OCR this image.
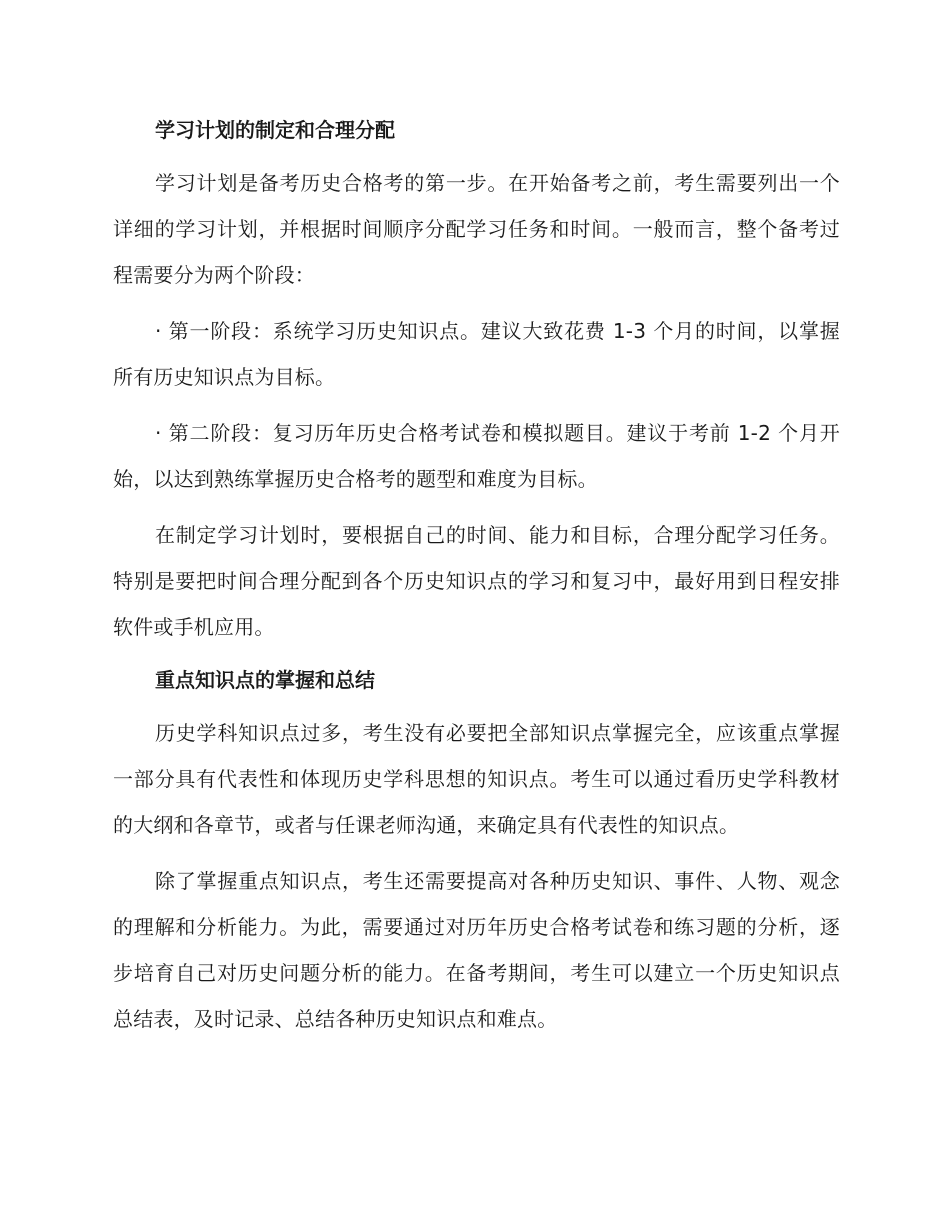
学习计划的制定和合理分配

学习计划是备考历史合格考的第一步。在开始备考之前，考生需要列出一个详细的学习计划，并根据时间顺序分配学习任务和时间。一般而言，整个备考过程需要分为两个阶段：

· 第一阶段：系统学习历史知识点。建议大致花费 1-3 个月的时间，以掌握所有历史知识点为目标。

· 第二阶段：复习历年历史合格考试卷和模拟题目。建议于考前 1-2 个月开始，以达到熟练掌握历史合格考的题型和难度为目标。

在制定学习计划时，要根据自己的时间、能力和目标，合理分配学习任务。特别是要把时间合理分配到各个历史知识点的学习和复习中，最好用到日程安排软件或手机应用。

重点知识点的掌握和总结

历史学科知识点过多，考生没有必要把全部知识点掌握完全，应该重点掌握一部分具有代表性和体现历史学科思想的知识点。考生可以通过看历史学科教材的大纲和各章节，或者与任课老师沟通，来确定具有代表性的知识点。

除了掌握重点知识点，考生还需要提高对各种历史知识、事件、人物、观念的理解和分析能力。为此，需要通过对历年历史合格考试卷和练习题的分析，逐步培育自己对历史问题分析的能力。在备考期间，考生可以建立一个历史知识点总结表，及时记录、总结各种历史知识点和难点。
